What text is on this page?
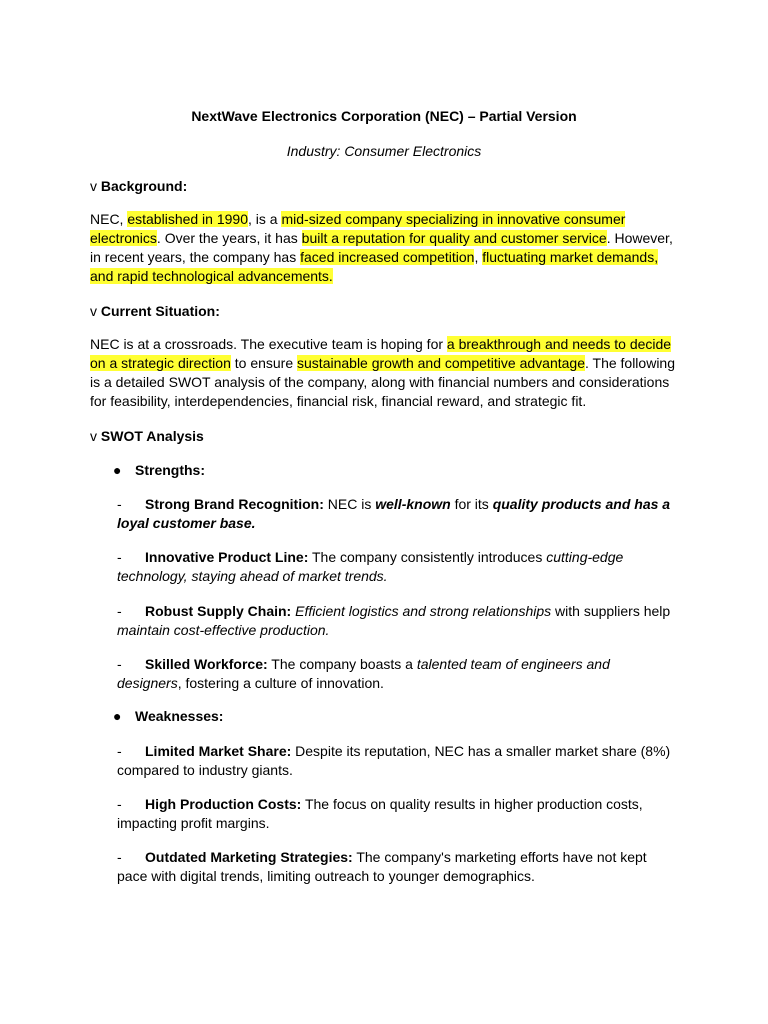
NextWave Electronics Corporation (NEC) – Partial Version
Industry: Consumer Electronics
v Background:
NEC, established in 1990, is a mid-sized company specializing in innovative consumer electronics. Over the years, it has built a reputation for quality and customer service. However, in recent years, the company has faced increased competition, fluctuating market demands, and rapid technological advancements.
v Current Situation:
NEC is at a crossroads. The executive team is hoping for a breakthrough and needs to decide on a strategic direction to ensure sustainable growth and competitive advantage. The following is a detailed SWOT analysis of the company, along with financial numbers and considerations for feasibility, interdependencies, financial risk, financial reward, and strategic fit.
v SWOT Analysis
● Strengths:
- Strong Brand Recognition: NEC is well-known for its quality products and has a loyal customer base.
- Innovative Product Line: The company consistently introduces cutting-edge technology, staying ahead of market trends.
- Robust Supply Chain: Efficient logistics and strong relationships with suppliers help maintain cost-effective production.
- Skilled Workforce: The company boasts a talented team of engineers and designers, fostering a culture of innovation.
● Weaknesses:
- Limited Market Share: Despite its reputation, NEC has a smaller market share (8%) compared to industry giants.
- High Production Costs: The focus on quality results in higher production costs, impacting profit margins.
- Outdated Marketing Strategies: The company's marketing efforts have not kept pace with digital trends, limiting outreach to younger demographics.
